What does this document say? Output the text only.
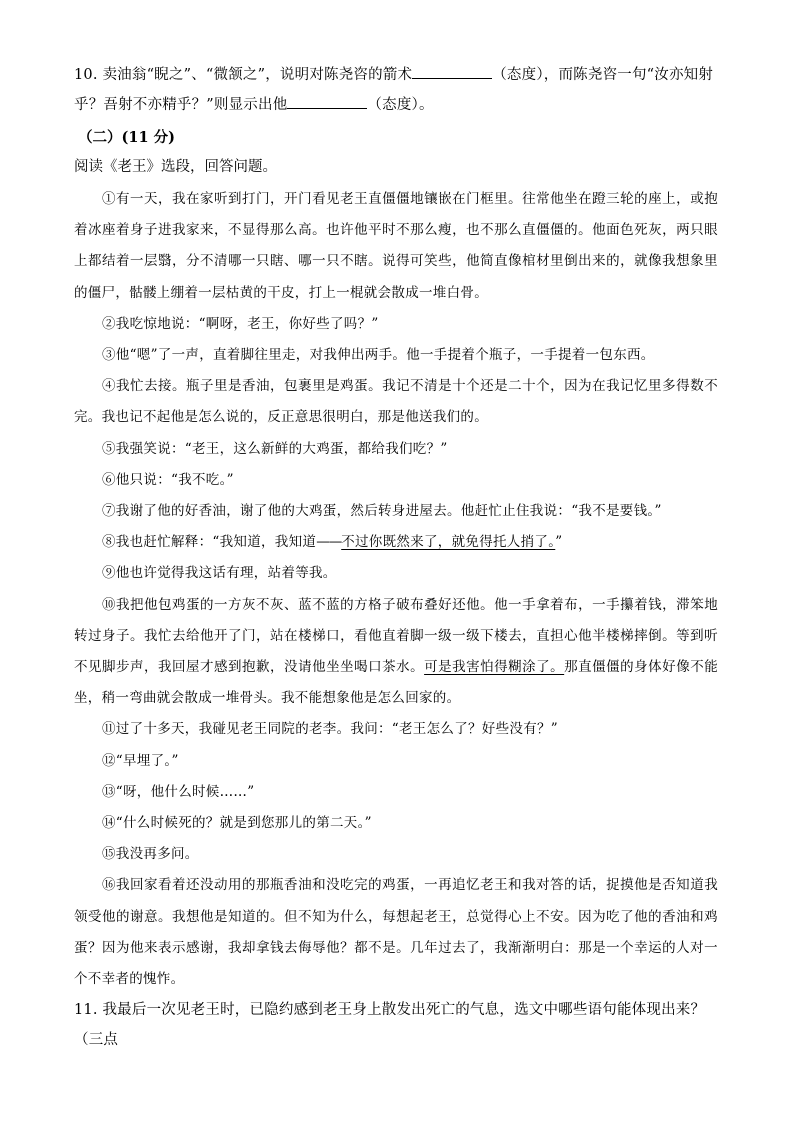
10. 卖油翁“睨之”、“微颔之”，说明对陈尧咨的箭术	（态度），而陈尧咨一句“汝亦知射乎？吾射不亦精乎？”则显示出他	（态度）。

（二）(11 分)

阅读《老王》选段，回答问题。

①有一天，我在家听到打门，开门看见老王直僵僵地镶嵌在门框里。往常他坐在蹬三轮的座上，或抱着冰座着身子进我家来，不显得那么高。也许他平时不那么瘦，也不那么直僵僵的。他面色死灰，两只眼上都结着一层翳，分不清哪一只瞎、哪一只不瞎。说得可笑些，他简直像棺材里倒出来的，就像我想象里的僵尸，骷髅上绷着一层枯黄的干皮，打上一棍就会散成一堆白骨。

②我吃惊地说：“啊呀，老王，你好些了吗？”

③他“嗯”了一声，直着脚往里走，对我伸出两手。他一手提着个瓶子，一手提着一包东西。

④我忙去接。瓶子里是香油，包裹里是鸡蛋。我记不清是十个还是二十个，因为在我记忆里多得数不完。我也记不起他是怎么说的，反正意思很明白，那是他送我们的。

⑤我强笑说：“老王，这么新鲜的大鸡蛋，都给我们吃？”

⑥他只说：“我不吃。”

⑦我谢了他的好香油，谢了他的大鸡蛋，然后转身进屋去。他赶忙止住我说：“我不是要钱。”

⑧我也赶忙解释：“我知道，我知道——不过你既然来了，就免得托人捎了。”

⑨他也许觉得我这话有理，站着等我。

⑩我把他包鸡蛋的一方灰不灰、蓝不蓝的方格子破布叠好还他。他一手拿着布，一手攥着钱，滞笨地转过身子。我忙去给他开了门，站在楼梯口，看他直着脚一级一级下楼去，直担心他半楼梯摔倒。等到听不见脚步声，我回屋才感到抱歉，没请他坐坐喝口茶水。可是我害怕得糊涂了。那直僵僵的身体好像不能坐，稍一弯曲就会散成一堆骨头。我不能想象他是怎么回家的。

⑪过了十多天，我碰见老王同院的老李。我问：“老王怎么了？好些没有？”

⑫“早埋了。”

⑬“呀，他什么时候……”

⑭“什么时候死的？就是到您那儿的第二天。”

⑮我没再多问。

⑯我回家看着还没动用的那瓶香油和没吃完的鸡蛋，一再追忆老王和我对答的话，捉摸他是否知道我领受他的谢意。我想他是知道的。但不知为什么，每想起老王，总觉得心上不安。因为吃了他的香油和鸡蛋？因为他来表示感谢，我却拿钱去侮辱他？都不是。几年过去了，我渐渐明白：那是一个幸运的人对一个不幸者的愧怍。

11. 我最后一次见老王时，已隐约感到老王身上散发出死亡的气息，选文中哪些语句能体现出来？（三点
